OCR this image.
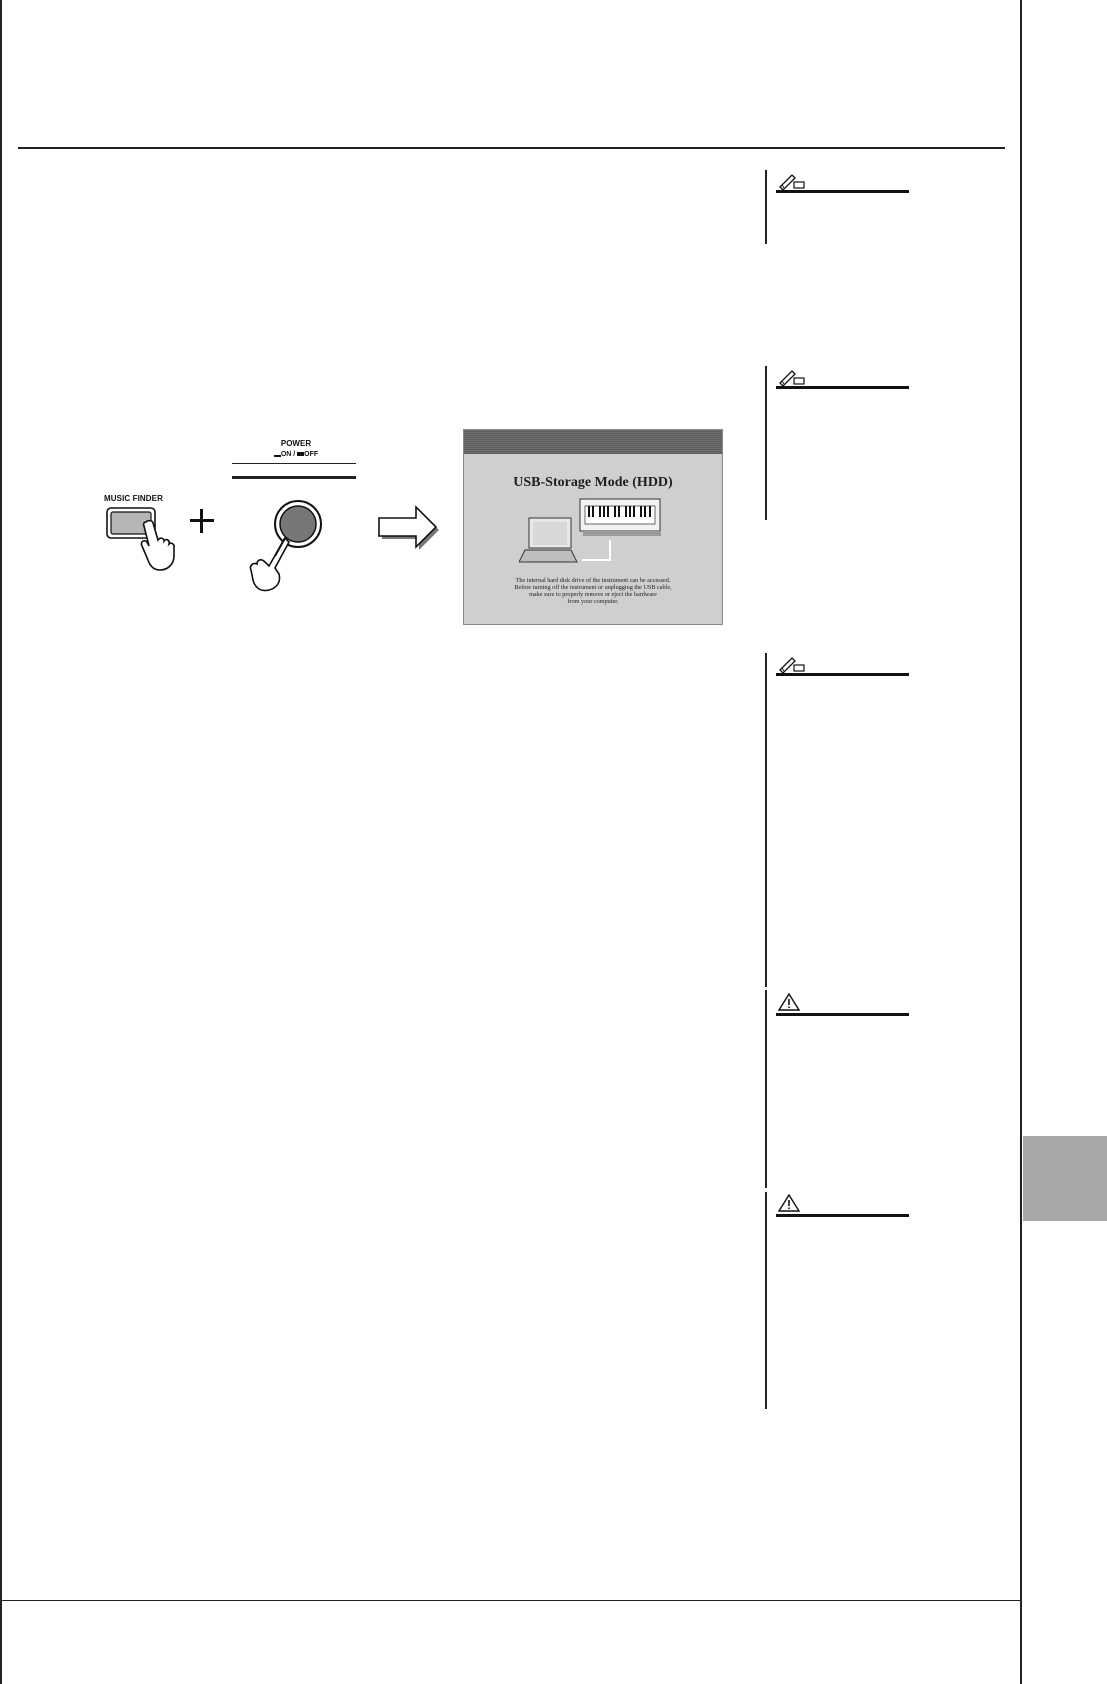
MUSIC FINDER
POWER
ON / OFF
USB-Storage Mode (HDD)
The internal hard disk drive of the instrument can be accessed.
Before turning off the instrument or unplugging the USB cable,
make sure to properly remove or eject the hardware
from your computer.
